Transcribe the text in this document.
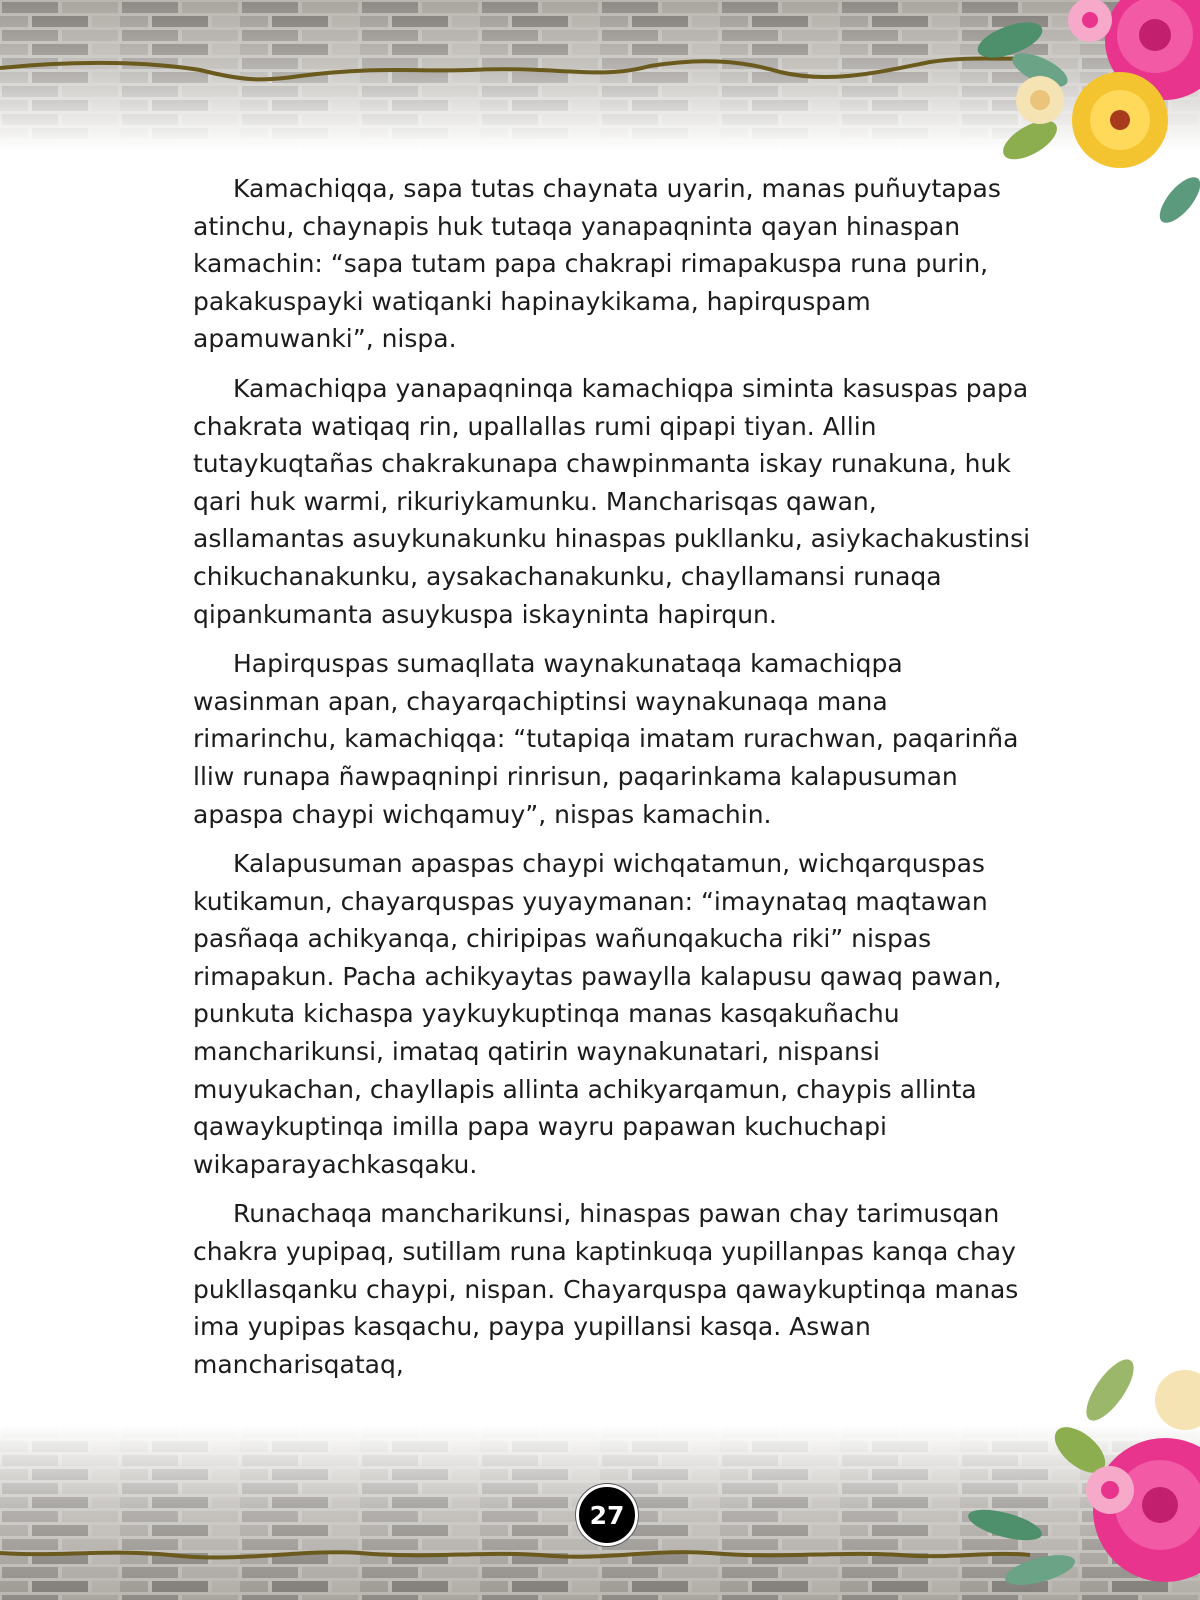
Kamachiqqa, sapa tutas chaynata uyarin, manas puñuytapas atinchu, chaynapis huk tutaqa yanapaqninta qayan hinaspan kamachin: “sapa tutam papa chakrapi rimapakuspa runa purin, pakakuspayki watiqanki hapinaykikama, hapirquspam apamuwanki”, nispa.

Kamachiqpa yanapaqninqa kamachiqpa siminta kasuspas papa chakrata watiqaq rin, upallallas rumi qipapi tiyan. Allin tutaykuqtañas chakrakunapa chawpinmanta iskay runakuna, huk qari huk warmi, rikuriykamunku. Mancharisqas qawan, asllamantas asuykunakunku hinaspas pukllanku, asiykachakustinsi chikuchanakunku, aysakachanakunku, chayllamansi runaqa qipankumanta asuykuspa iskayninta hapirqun.

Hapirquspas sumaqllata waynakunataqa kamachiqpa wasinman apan, chayarqachiptinsi waynakunaqa mana rimarinchu, kamachiqqa: “tutapiqa imatam rurachwan, paqarinña lliw runapa ñawpaqninpi rinrisun, paqarinkama kalapusuman apaspa chaypi wichqamuy”, nispas kamachin.

Kalapusuman apaspas chaypi wichqatamun, wichqarquspas kutikamun, chayarquspas yuyaymanan: “imaynataq maqtawan pasñaqa achikyanqa, chiripipas wañunqakucha riki” nispas rimapakun. Pacha achikyaytas pawaylla kalapusu qawaq pawan, punkuta kichaspa yaykuykuptinqa manas kasqakuñachu mancharikunsi, imataq qatirin waynakunatari, nispansi muyukachan, chayllapis allinta achikyarqamun, chaypis allinta qawaykuptinqa imilla papa wayru papawan kuchuchapi wikaparayachkasqaku.

Runachaqa mancharikunsi, hinaspas pawan chay tarimusqan chakra yupipaq, sutillam runa kaptinkuqa yupillanpas kanqa chay pukllasqanku chaypi, nispan. Chayarquspa qawaykuptinqa manas ima yupipas kasqachu, paypa yupillansi kasqa. Aswan mancharisqataq,

27
